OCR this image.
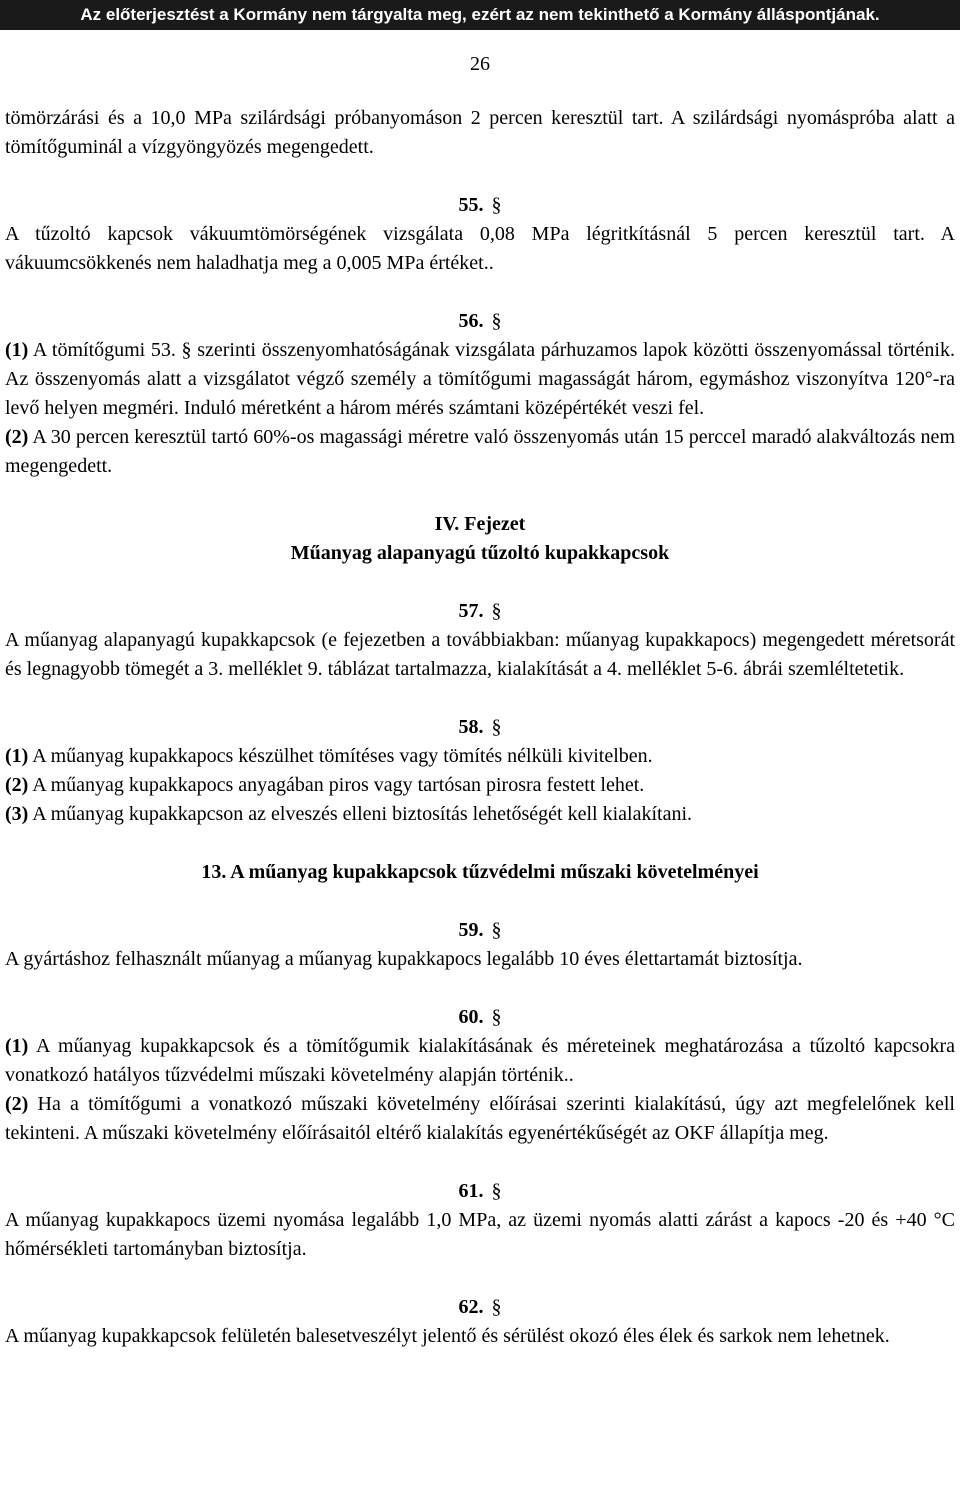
Az előterjesztést a Kormány nem tárgyalta meg, ezért az nem tekinthető a Kormány álláspontjának.
26

tömörzárási és a 10,0 MPa szilárdsági próbanyomáson 2 percen keresztül tart. A szilárdsági nyomáspróba alatt a tömítőguminál a vízgyöngyözés megengedett.

55. §

A tűzoltó kapcsok vákuumtömörségének vizsgálata 0,08 MPa légritkításnál 5 percen keresztül tart. A vákuumcsökkenés nem haladhatja meg a 0,005 MPa értéket..

56. §

(1) A tömítőgumi 53. § szerinti összenyomhatóságának vizsgálata párhuzamos lapok közötti összenyomással történik. Az összenyomás alatt a vizsgálatot végző személy a tömítőgumi magasságát három, egymáshoz viszonyítva 120°-ra levő helyen megméri. Induló méretként a három mérés számtani középértékét veszi fel.

(2) A 30 percen keresztül tartó 60%-os magassági méretre való összenyomás után 15 perccel maradó alakváltozás nem megengedett.

IV. Fejezet
Műanyag alapanyagú tűzoltó kupakkapcsok
57. §

A műanyag alapanyagú kupakkapcsok (e fejezetben a továbbiakban: műanyag kupakkapocs) megengedett méretsorát és legnagyobb tömegét a 3. melléklet 9. táblázat tartalmazza, kialakítását a 4. melléklet 5-6. ábrái szemléltetetik.

58. §

(1) A műanyag kupakkapocs készülhet tömítéses vagy tömítés nélküli kivitelben.

(2) A műanyag kupakkapocs anyagában piros vagy tartósan pirosra festett lehet.

(3) A műanyag kupakkapcson az elveszés elleni biztosítás lehetőségét kell kialakítani.

13. A műanyag kupakkapcsok tűzvédelmi műszaki követelményei
59. §

A gyártáshoz felhasznált műanyag a műanyag kupakkapocs legalább 10 éves élettartamát biztosítja.

60. §

(1) A műanyag kupakkapcsok és a tömítőgumik kialakításának és méreteinek meghatározása a tűzoltó kapcsokra vonatkozó hatályos tűzvédelmi műszaki követelmény alapján történik..

(2) Ha a tömítőgumi a vonatkozó műszaki követelmény előírásai szerinti kialakítású, úgy azt megfelelőnek kell tekinteni. A műszaki követelmény előírásaitól eltérő kialakítás egyenértékűségét az OKF állapítja meg.

61. §

A műanyag kupakkapocs üzemi nyomása legalább 1,0 MPa, az üzemi nyomás alatti zárást a kapocs -20 és +40 °C hőmérsékleti tartományban biztosítja.

62. §

A műanyag kupakkapcsok felületén balesetveszélyt jelentő és sérülést okozó éles élek és sarkok nem lehetnek.
